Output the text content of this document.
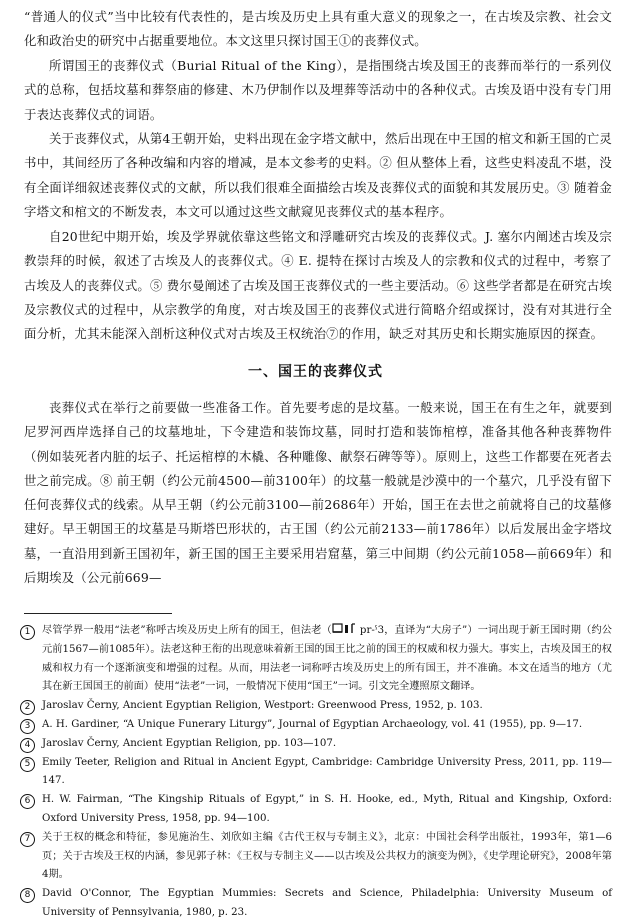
“普通人的仪式”当中比较有代表性的，是古埃及历史上具有重大意义的现象之一，在古埃及宗教、社会文化和政治史的研究中占据重要地位。本文这里只探讨国王①的丧葬仪式。

所谓国王的丧葬仪式（Burial Ritual of the King），是指围绕古埃及国王的丧葬而举行的一系列仪式的总称，包括坟墓和葬祭庙的修建、木乃伊制作以及埋葬等活动中的各种仪式。古埃及语中没有专门用于表达丧葬仪式的词语。

关于丧葬仪式，从第4王朝开始，史料出现在金字塔文献中，然后出现在中王国的棺文和新王国的亡灵书中，其间经历了各种改编和内容的增减，是本文参考的史料。② 但从整体上看，这些史料凌乱不堪，没有全面详细叙述丧葬仪式的文献，所以我们很难全面描绘古埃及丧葬仪式的面貌和其发展历史。③ 随着金字塔文和棺文的不断发表，本文可以通过这些文献窥见丧葬仪式的基本程序。

自20世纪中期开始，埃及学界就依靠这些铭文和浮雕研究古埃及的丧葬仪式。J. 塞尔内阐述古埃及宗教崇拜的时候，叙述了古埃及人的丧葬仪式。④ E. 提特在探讨古埃及人的宗教和仪式的过程中，考察了古埃及人的丧葬仪式。⑤ 费尔曼阐述了古埃及国王丧葬仪式的一些主要活动。⑥ 这些学者都是在研究古埃及宗教仪式的过程中，从宗教学的角度，对古埃及国王的丧葬仪式进行简略介绍或探讨，没有对其进行全面分析，尤其未能深入剖析这种仪式对古埃及王权统治⑦的作用，缺乏对其历史和长期实施原因的探查。

一、国王的丧葬仪式

丧葬仪式在举行之前要做一些准备工作。首先要考虑的是坟墓。一般来说，国王在有生之年，就要到尼罗河西岸选择自己的坟墓地址，下令建造和装饰坟墓，同时打造和装饰棺椁，准备其他各种丧葬物件（例如装死者内脏的坛子、托运棺椁的木橇、各种雕像、献祭石碑等等）。原则上，这些工作都要在死者去世之前完成。⑧ 前王朝（约公元前4500—前3100年）的坟墓一般就是沙漠中的一个墓穴，几乎没有留下任何丧葬仪式的线索。从早王朝（约公元前3100—前2686年）开始，国王在去世之前就将自己的坟墓修建好。早王朝国王的坟墓是马斯塔巴形状的，古王国（约公元前2133—前1786年）以后发展出金字塔坟墓，一直沿用到新王国初年，新王国的国王主要采用岩窟墓，第三中间期（约公元前1058—前669年）和后期埃及（公元前669—

1	尽管学界一般用“法老”称呼古埃及历史上所有的国王，但法老（	pr-ˁ3，直译为“大房子”）一词出现于新王国时期（约公元前1567—前1085年）。法老这种王衔的出现意味着新王国的国王比之前的国王的权威和权力强大。事实上，古埃及国王的权威和权力有一个逐渐演变和增强的过程。从而，用法老一词称呼古埃及历史上的所有国王，并不准确。本文在适当的地方（尤其在新王国国王的前面）使用“法老”一词，一般情况下使用“国王”一词。引文完全遵照原文翻译。
2	Jaroslav Černy, Ancient Egyptian Religion, Westport: Greenwood Press, 1952, p. 103.
3	A. H. Gardiner, “A Unique Funerary Liturgy”, Journal of Egyptian Archaeology, vol. 41 (1955), pp. 9—17.
4	Jaroslav Černy, Ancient Egyptian Religion, pp. 103—107.
5	Emily Teeter, Religion and Ritual in Ancient Egypt, Cambridge: Cambridge University Press, 2011, pp. 119—147.
6	H. W. Fairman, “The Kingship Rituals of Egypt,” in S. H. Hooke, ed., Myth, Ritual and Kingship, Oxford: Oxford University Press, 1958, pp. 94—100.
7	关于王权的概念和特征，参见施治生、刘欣如主编《古代王权与专制主义》，北京：中国社会科学出版社，1993年，第1—6页；关于古埃及王权的内涵，参见郭子林：《王权与专制主义——以古埃及公共权力的演变为例》，《史学理论研究》，2008年第4期。
8	David O'Connor, The Egyptian Mummies: Secrets and Science, Philadelphia: University Museum of University of Pennsylvania, 1980, p. 23.
